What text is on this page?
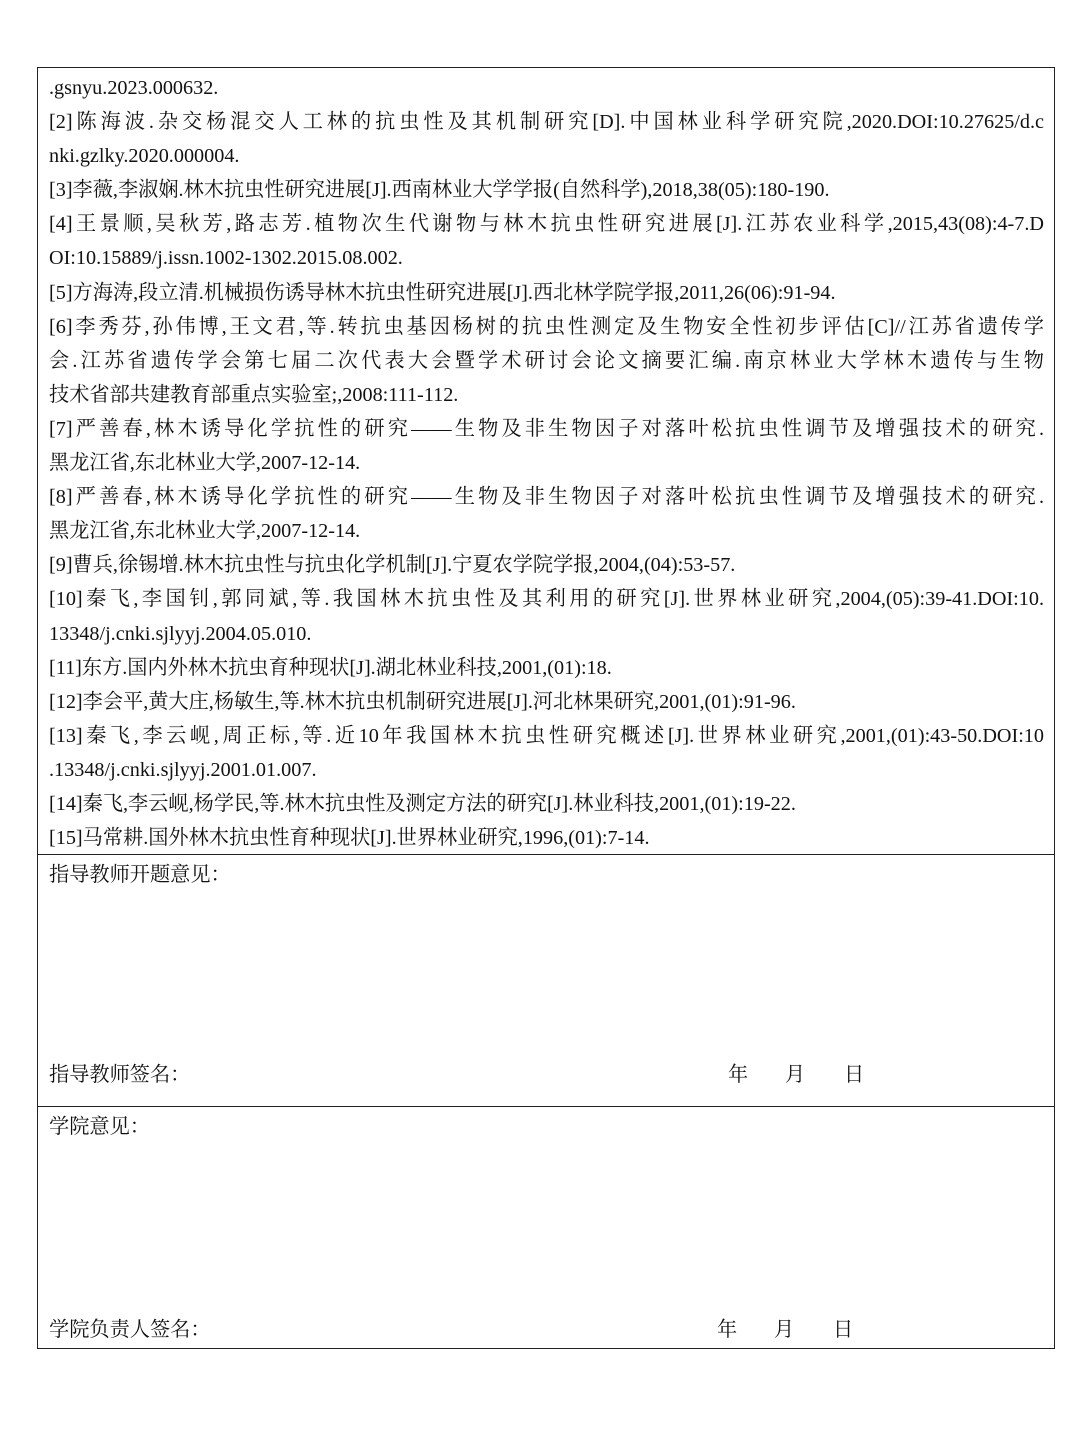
.gsnyu.2023.000632.
[2]陈海波.杂交杨混交人工林的抗虫性及其机制研究[D].中国林业科学研究院,2020.DOI:10.27625/d.c
nki.gzlky.2020.000004.
[3]李薇,李淑娴.林木抗虫性研究进展[J].西南林业大学学报(自然科学),2018,38(05):180-190.
[4]王景顺,吴秋芳,路志芳.植物次生代谢物与林木抗虫性研究进展[J].江苏农业科学,2015,43(08):4-7.D
OI:10.15889/j.issn.1002-1302.2015.08.002.
[5]方海涛,段立清.机械损伤诱导林木抗虫性研究进展[J].西北林学院学报,2011,26(06):91-94.
[6]李秀芬,孙伟博,王文君,等.转抗虫基因杨树的抗虫性测定及生物安全性初步评估[C]//江苏省遗传学
会.江苏省遗传学会第七届二次代表大会暨学术研讨会论文摘要汇编.南京林业大学林木遗传与生物
技术省部共建教育部重点实验室;,2008:111-112.
[7]严善春,林木诱导化学抗性的研究——生物及非生物因子对落叶松抗虫性调节及增强技术的研究.
黑龙江省,东北林业大学,2007-12-14.
[8]严善春,林木诱导化学抗性的研究——生物及非生物因子对落叶松抗虫性调节及增强技术的研究.
黑龙江省,东北林业大学,2007-12-14.
[9]曹兵,徐锡增.林木抗虫性与抗虫化学机制[J].宁夏农学院学报,2004,(04):53-57.
[10]秦飞,李国钊,郭同斌,等.我国林木抗虫性及其利用的研究[J].世界林业研究,2004,(05):39-41.DOI:10.
13348/j.cnki.sjlyyj.2004.05.010.
[11]东方.国内外林木抗虫育种现状[J].湖北林业科技,2001,(01):18.
[12]李会平,黄大庄,杨敏生,等.林木抗虫机制研究进展[J].河北林果研究,2001,(01):91-96.
[13]秦飞,李云岘,周正标,等.近10年我国林木抗虫性研究概述[J].世界林业研究,2001,(01):43-50.DOI:10
.13348/j.cnki.sjlyyj.2001.01.007.
[14]秦飞,李云岘,杨学民,等.林木抗虫性及测定方法的研究[J].林业科技,2001,(01):19-22.
[15]马常耕.国外林木抗虫性育种现状[J].世界林业研究,1996,(01):7-14.
指导教师开题意见：
指导教师签名：	年 月 日
学院意见：
学院负责人签名：	年 月 日
